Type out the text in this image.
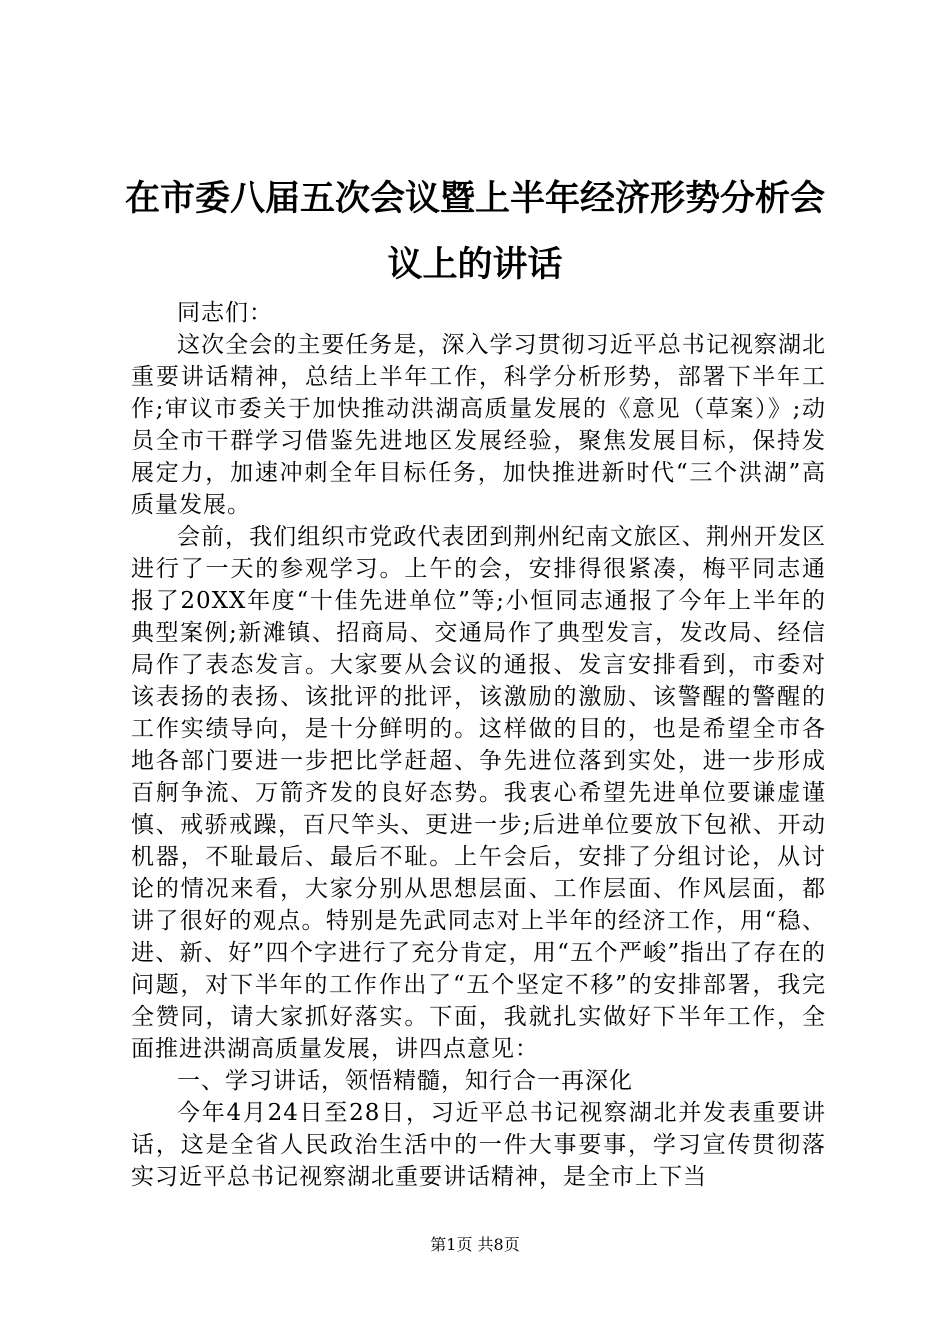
在市委八届五次会议暨上半年经济形势分析会议上的讲话

同志们：

这次全会的主要任务是，深入学习贯彻习近平总书记视察湖北重要讲话精神，总结上半年工作，科学分析形势，部署下半年工作;审议市委关于加快推动洪湖高质量发展的《意见（草案）》;动员全市干群学习借鉴先进地区发展经验，聚焦发展目标，保持发展定力，加速冲刺全年目标任务，加快推进新时代“三个洪湖”高质量发展。

会前，我们组织市党政代表团到荆州纪南文旅区、荆州开发区进行了一天的参观学习。上午的会，安排得很紧凑，梅平同志通报了20XX年度“十佳先进单位”等;小恒同志通报了今年上半年的典型案例;新滩镇、招商局、交通局作了典型发言，发改局、经信局作了表态发言。大家要从会议的通报、发言安排看到，市委对该表扬的表扬、该批评的批评，该激励的激励、该警醒的警醒的工作实绩导向，是十分鲜明的。这样做的目的，也是希望全市各地各部门要进一步把比学赶超、争先进位落到实处，进一步形成百舸争流、万箭齐发的良好态势。我衷心希望先进单位要谦虚谨慎、戒骄戒躁，百尺竿头、更进一步;后进单位要放下包袱、开动机器，不耻最后、最后不耻。上午会后，安排了分组讨论，从讨论的情况来看，大家分别从思想层面、工作层面、作风层面，都讲了很好的观点。特别是先武同志对上半年的经济工作，用“稳、进、新、好”四个字进行了充分肯定，用“五个严峻”指出了存在的问题，对下半年的工作作出了“五个坚定不移”的安排部署，我完全赞同，请大家抓好落实。下面，我就扎实做好下半年工作，全面推进洪湖高质量发展，讲四点意见：

一、学习讲话，领悟精髓，知行合一再深化

今年4月24日至28日，习近平总书记视察湖北并发表重要讲话，这是全省人民政治生活中的一件大事要事，学习宣传贯彻落实习近平总书记视察湖北重要讲话精神，是全市上下当

第1页 共8页
